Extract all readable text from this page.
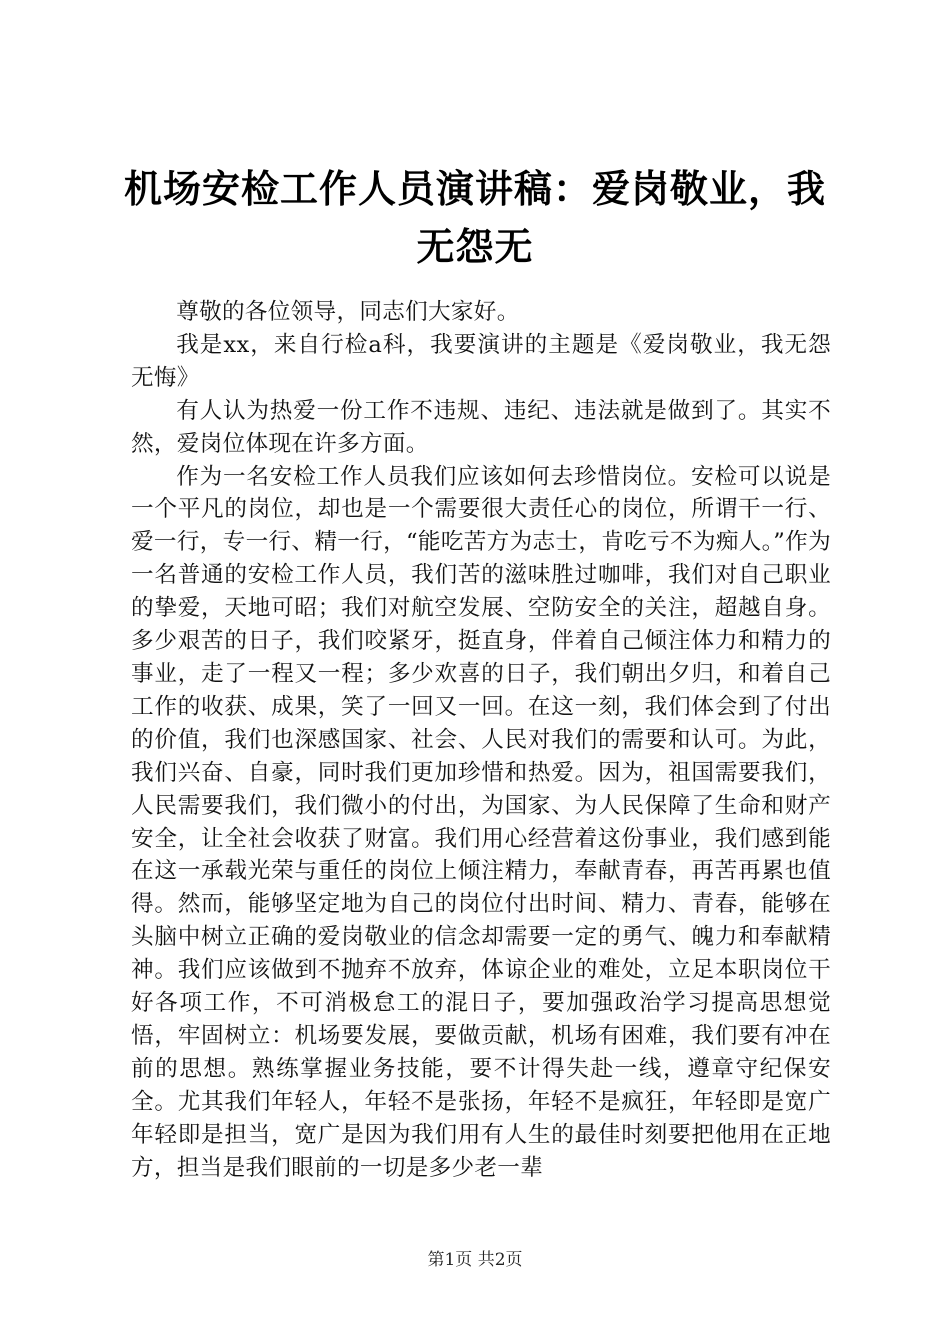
机场安检工作人员演讲稿：爱岗敬业，我无怨无

尊敬的各位领导，同志们大家好。

我是xx，来自行检a科，我要演讲的主题是《爱岗敬业，我无怨无悔》

有人认为热爱一份工作不违规、违纪、违法就是做到了。其实不然，爱岗位体现在许多方面。

作为一名安检工作人员我们应该如何去珍惜岗位。安检可以说是一个平凡的岗位，却也是一个需要很大责任心的岗位，所谓干一行、爱一行，专一行、精一行，“能吃苦方为志士，肯吃亏不为痴人。”作为一名普通的安检工作人员，我们苦的滋味胜过咖啡，我们对自己职业的挚爱，天地可昭；我们对航空发展、空防安全的关注，超越自身。多少艰苦的日子，我们咬紧牙，挺直身，伴着自己倾注体力和精力的事业，走了一程又一程；多少欢喜的日子，我们朝出夕归，和着自己工作的收获、成果，笑了一回又一回。在这一刻，我们体会到了付出的价值，我们也深感国家、社会、人民对我们的需要和认可。为此，我们兴奋、自豪，同时我们更加珍惜和热爱。因为，祖国需要我们，人民需要我们，我们微小的付出，为国家、为人民保障了生命和财产安全，让全社会收获了财富。我们用心经营着这份事业，我们感到能在这一承载光荣与重任的岗位上倾注精力，奉献青春，再苦再累也值得。然而，能够坚定地为自己的岗位付出时间、精力、青春，能够在头脑中树立正确的爱岗敬业的信念却需要一定的勇气、魄力和奉献精神。我们应该做到不抛弃不放弃，体谅企业的难处，立足本职岗位干好各项工作，不可消极怠工的混日子，要加强政治学习提高思想觉悟，牢固树立：机场要发展，要做贡献，机场有困难，我们要有冲在前的思想。熟练掌握业务技能，要不计得失赴一线，遵章守纪保安全。尤其我们年轻人，年轻不是张扬，年轻不是疯狂，年轻即是宽广年轻即是担当，宽广是因为我们用有人生的最佳时刻要把他用在正地方，担当是我们眼前的一切是多少老一辈

第1页 共2页
